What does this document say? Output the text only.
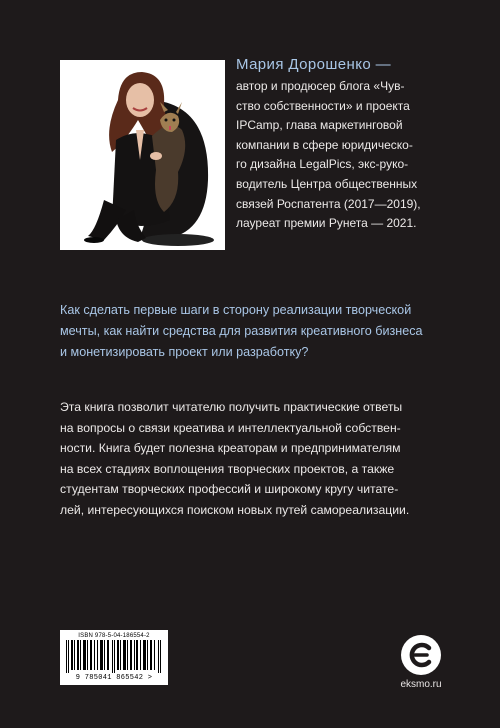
Мария Дорошенко —
автор и продюсер блога «Чув-
ство собственности» и проекта
IPCamp, глава маркетинговой
компании в сфере юридическо-
го дизайна LegalPics, экс-руко-
водитель Центра общественных
связей Роспатента (2017—2019),
лауреат премии Рунета — 2021.
Как сделать первые шаги в сторону реализации творческой
мечты, как найти средства для развития креативного бизнеса
и монетизировать проект или разработку?
Эта книга позволит читателю получить практические ответы
на вопросы о связи креатива и интеллектуальной собствен-
ности. Книга будет полезна креаторам и предпринимателям
на всех стадиях воплощения творческих проектов, а также
студентам творческих профессий и широкому кругу читате-
лей, интересующихся поиском новых путей самореализации.
ISBN 978-5-04-186554-2
9 785041 865542 >
eksmo.ru
